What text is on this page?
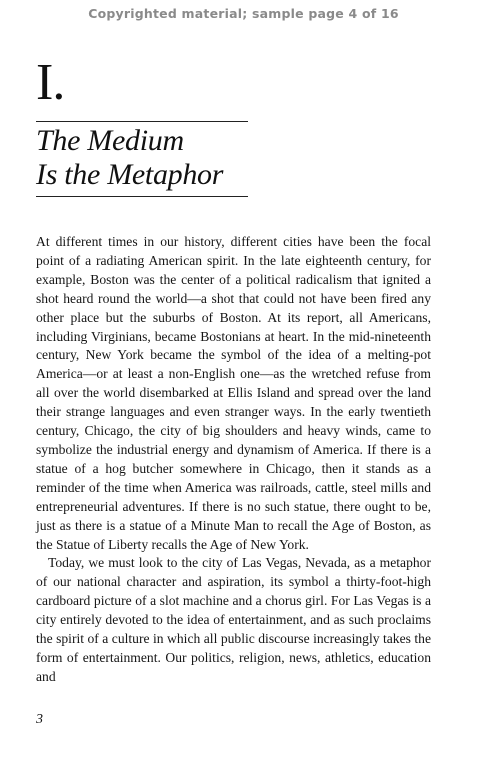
Copyrighted material; sample page 4 of 16
I.
The Medium
Is the Metaphor

At different times in our history, different cities have been the focal point of a radiating American spirit. In the late eighteenth century, for example, Boston was the center of a political radicalism that ignited a shot heard round the world—a shot that could not have been fired any other place but the suburbs of Boston. At its report, all Americans, including Virginians, became Bostonians at heart. In the mid-nineteenth century, New York became the symbol of the idea of a melting-pot America—or at least a non-English one—as the wretched refuse from all over the world disembarked at Ellis Island and spread over the land their strange languages and even stranger ways. In the early twentieth century, Chicago, the city of big shoulders and heavy winds, came to symbolize the industrial energy and dynamism of America. If there is a statue of a hog butcher somewhere in Chicago, then it stands as a reminder of the time when America was railroads, cattle, steel mills and entrepreneurial adventures. If there is no such statue, there ought to be, just as there is a statue of a Minute Man to recall the Age of Boston, as the Statue of Liberty recalls the Age of New York.

Today, we must look to the city of Las Vegas, Nevada, as a metaphor of our national character and aspiration, its symbol a thirty-foot-high cardboard picture of a slot machine and a chorus girl. For Las Vegas is a city entirely devoted to the idea of entertainment, and as such proclaims the spirit of a culture in which all public discourse increasingly takes the form of entertainment. Our politics, religion, news, athletics, education and

3
